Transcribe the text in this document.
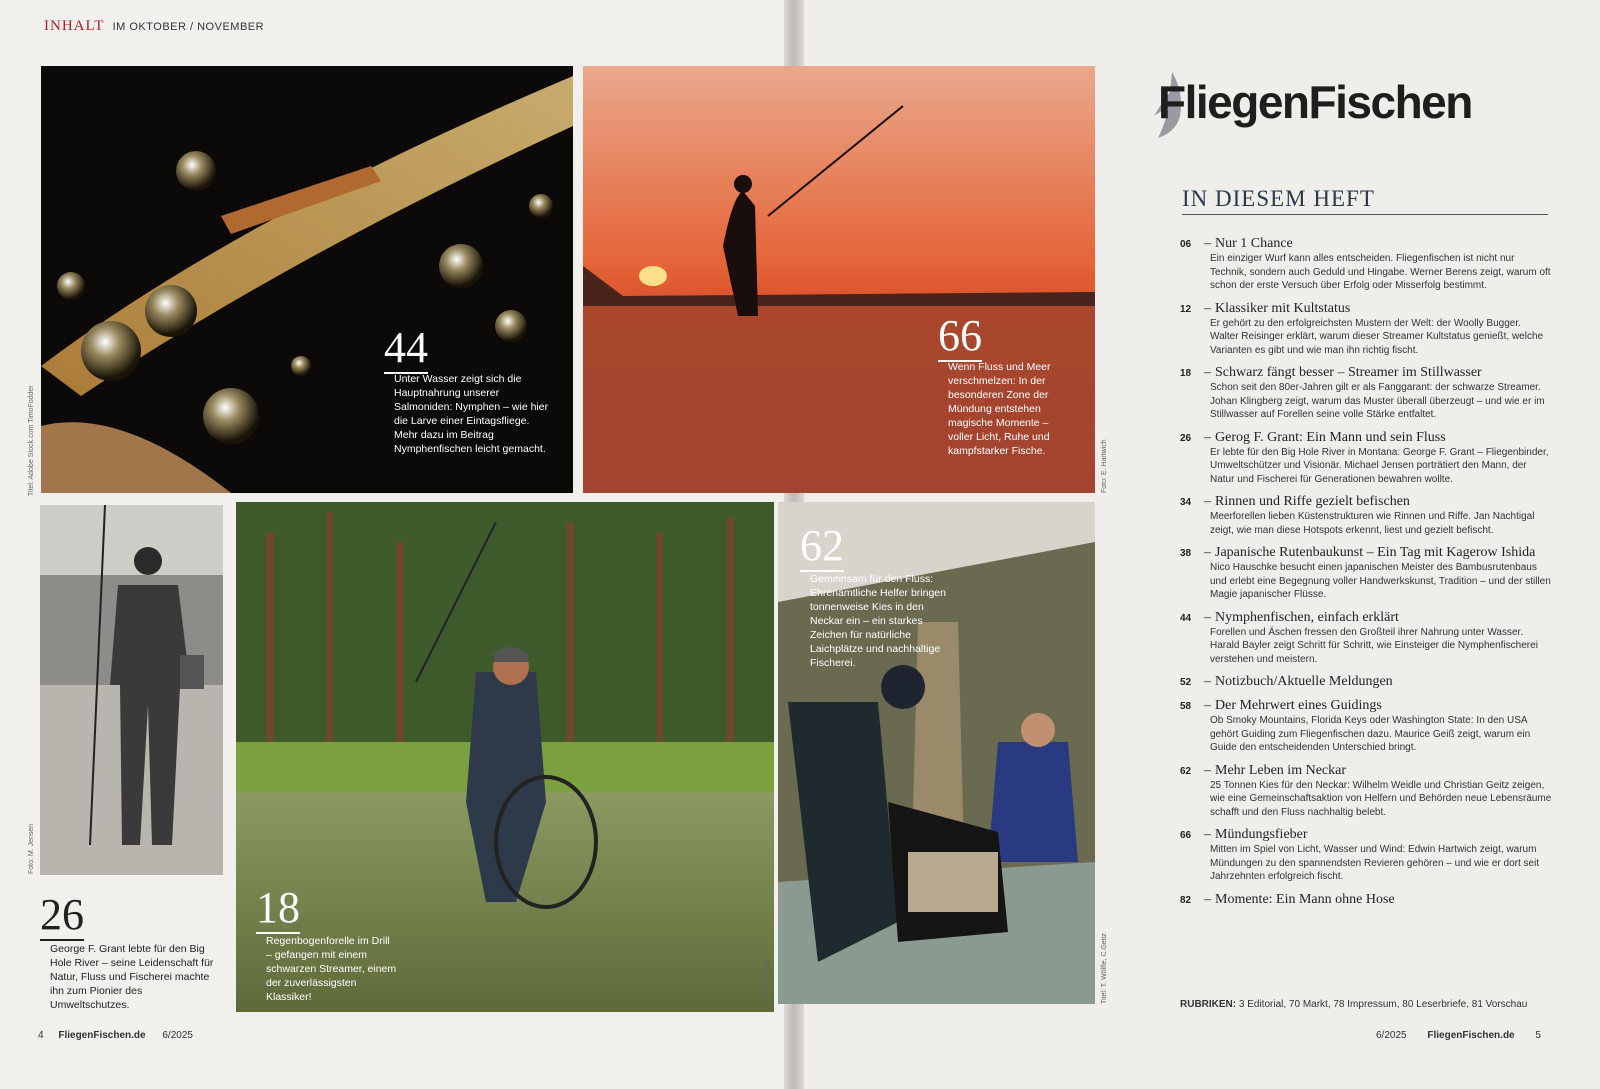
INHALT IM OKTOBER / NOVEMBER
44
Unter Wasser zeigt sich die Hauptnahrung unserer Salmoniden: Nymphen – wie hier die Larve einer Eintagsfliege. Mehr dazu im Beitrag Nymphenfischen leicht gemacht.
Titel: Adobe Stock.com TimoFodder
66
Wenn Fluss und Meer verschmelzen: In der besonderen Zone der Mündung entstehen magische Momente – voller Licht, Ruhe und kampfstarker Fische.	Foto: E. Hartwich
26
George F. Grant lebte für den Big Hole River – seine Leidenschaft für Natur, Fluss und Fischerei machte ihn zum Pionier des Umweltschutzes.
Foto: M. Jensen
18
Regenbogenforelle im Drill – gefangen mit einem schwarzen Streamer, einem der zuverlässigsten Klassiker!	Foto: A. Foto
62
Gemeinsam für den Fluss: Ehrenamtliche Helfer bringen tonnenweise Kies in den Neckar ein – ein starkes Zeichen für natürliche Laichplätze und nachhaltige Fischerei.
Titel: T. Wölfle, C.Geitz
4 FliegenFischen.de 6/2025
FliegenFischen
IN DIESEM HEFT
06 – Nur 1 Chance
Ein einziger Wurf kann alles entscheiden. Fliegenfischen ist nicht nur Technik, sondern auch Geduld und Hingabe. Werner Berens zeigt, warum oft schon der erste Versuch über Erfolg oder Misserfolg bestimmt.
12 – Klassiker mit Kultstatus
Er gehört zu den erfolgreichsten Mustern der Welt: der Woolly Bugger. Walter Reisinger erklärt, warum dieser Streamer Kultstatus genießt, welche Varianten es gibt und wie man ihn richtig fischt.
18 – Schwarz fängt besser – Streamer im Stillwasser
Schon seit den 80er-Jahren gilt er als Fanggarant: der schwarze Streamer. Johan Klingberg zeigt, warum das Muster überall überzeugt – und wie er im Stillwasser auf Forellen seine volle Stärke entfaltet.
26 – Gerog F. Grant: Ein Mann und sein Fluss
Er lebte für den Big Hole River in Montana: George F. Grant – Fliegenbinder, Umweltschützer und Visionär. Michael Jensen porträtiert den Mann, der Natur und Fischerei für Generationen bewahren wollte.
34 – Rinnen und Riffe gezielt befischen
Meerforellen lieben Küstenstrukturen wie Rinnen und Riffe. Jan Nachtigal zeigt, wie man diese Hotspots erkennt, liest und gezielt befischt.
38 – Japanische Rutenbaukunst – Ein Tag mit Kagerow Ishida
Nico Hauschke besucht einen japanischen Meister des Bambusrutenbaus und erlebt eine Begegnung voller Handwerkskunst, Tradition – und der stillen Magie japanischer Flüsse.
44 – Nymphenfischen, einfach erklärt
Forellen und Äschen fressen den Großteil ihrer Nahrung unter Wasser. Harald Bayler zeigt Schritt für Schritt, wie Einsteiger die Nymphenfischerei verstehen und meistern.
52 – Notizbuch/Aktuelle Meldungen
58 – Der Mehrwert eines Guidings
Ob Smoky Mountains, Florida Keys oder Washington State: In den USA gehört Guiding zum Fliegenfischen dazu. Maurice Geiß zeigt, warum ein Guide den entscheidenden Unterschied bringt.
62 – Mehr Leben im Neckar
25 Tonnen Kies für den Neckar: Wilhelm Weidle und Christian Geitz zeigen, wie eine Gemeinschaftsaktion von Helfern und Behörden neue Lebensräume schafft und den Fluss nachhaltig belebt.
66 – Mündungsfieber
Mitten im Spiel von Licht, Wasser und Wind: Edwin Hartwich zeigt, warum Mündungen zu den spannendsten Revieren gehören – und wie er dort seit Jahrzehnten erfolgreich fischt.
82 – Momente: Ein Mann ohne Hose
RUBRIKEN: 3 Editorial, 70 Markt, 78 Impressum, 80 Leserbriefe, 81 Vorschau
6/2025 FliegenFischen.de 5
